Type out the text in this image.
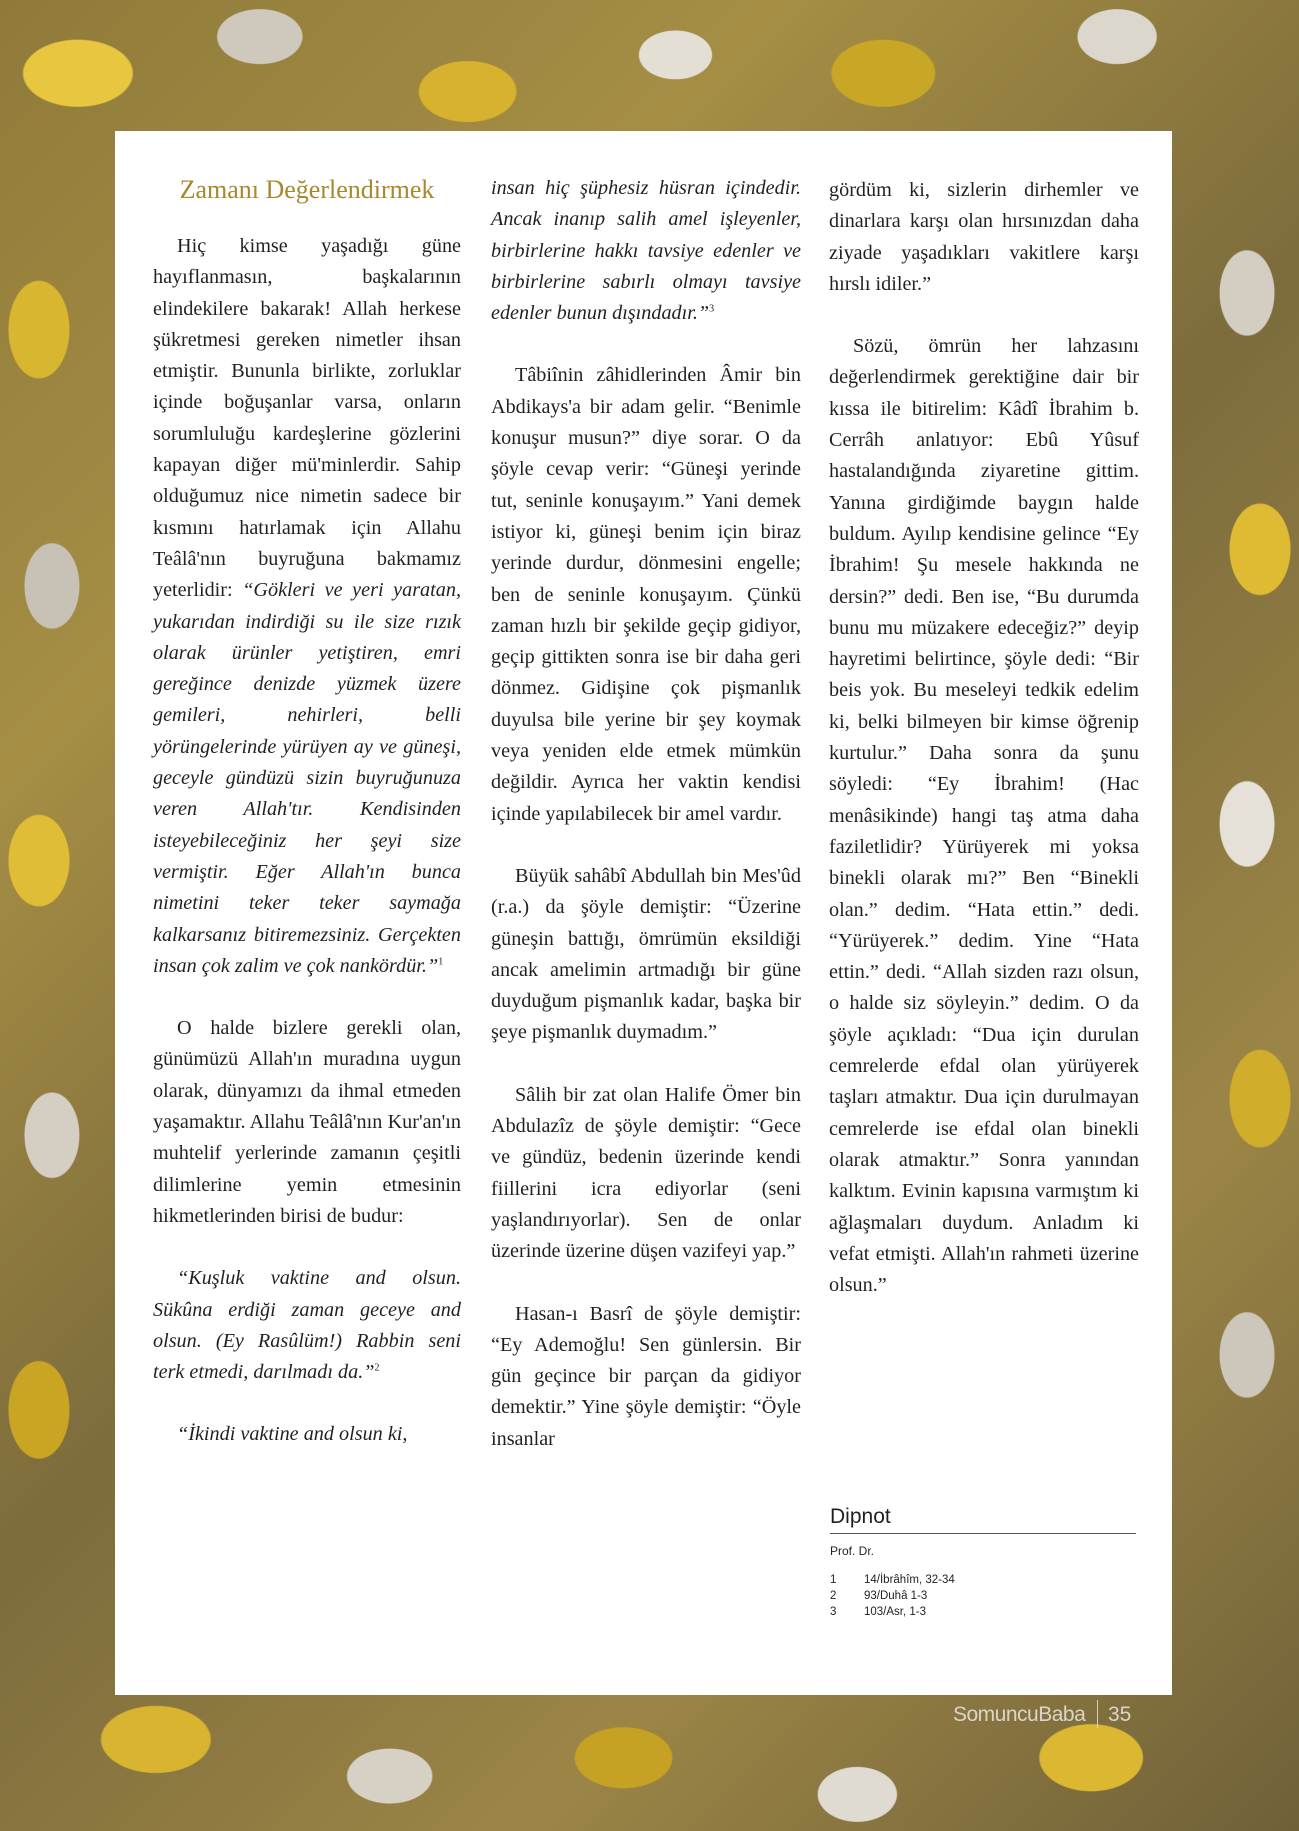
Zamanı Değerlendirmek

Hiç kimse yaşadığı güne hayıflanmasın, başkalarının elindekilere bakarak! Allah herkese şükretmesi gereken nimetler ihsan etmiştir. Bununla birlikte, zorluklar içinde boğuşanlar varsa, onların sorumluluğu kardeşlerine gözlerini kapayan diğer mü'minlerdir. Sahip olduğumuz nice nimetin sadece bir kısmını hatırlamak için Allahu Teâlâ'nın buyruğuna bakmamız yeterlidir: “Gökleri ve yeri yaratan, yukarıdan indirdiği su ile size rızık olarak ürünler yetiştiren, emri gereğince denizde yüzmek üzere gemileri, nehirleri, belli yörüngelerinde yürüyen ay ve güneşi, geceyle gündüzü sizin buyruğunuza veren Allah'tır. Kendisinden isteyebileceğiniz her şeyi size vermiştir. Eğer Allah'ın bunca nimetini teker teker saymağa kalkarsanız bitiremezsiniz. Gerçekten insan çok zalim ve çok nankördür.”$^1$

O halde bizlere gerekli olan, günümüzü Allah'ın muradına uygun olarak, dünyamızı da ihmal etmeden yaşamaktır. Allahu Teâlâ'nın Kur'an'ın muhtelif yerlerinde zamanın çeşitli dilimlerine yemin etmesinin hikmetlerinden birisi de budur:

“Kuşluk vaktine and olsun. Sükûna erdiği zaman geceye and olsun. (Ey Rasûlüm!) Rabbin seni terk etmedi, darılmadı da.”$^2$

“İkindi vaktine and olsun ki,

insan hiç şüphesiz hüsran içindedir. Ancak inanıp salih amel işleyenler, birbirlerine hakkı tavsiye edenler ve birbirlerine sabırlı olmayı tavsiye edenler bunun dışındadır.”$^3$

Tâbiînin zâhidlerinden Âmir bin Abdikays'a bir adam gelir. “Benimle konuşur musun?” diye sorar. O da şöyle cevap verir: “Güneşi yerinde tut, seninle konuşayım.” Yani demek istiyor ki, güneşi benim için biraz yerinde durdur, dönmesini engelle; ben de seninle konuşayım. Çünkü zaman hızlı bir şekilde geçip gidiyor, geçip gittikten sonra ise bir daha geri dönmez. Gidişine çok pişmanlık duyulsa bile yerine bir şey koymak veya yeniden elde etmek mümkün değildir. Ayrıca her vaktin kendisi içinde yapılabilecek bir amel vardır.

Büyük sahâbî Abdullah bin Mes'ûd (r.a.) da şöyle demiştir: “Üzerine güneşin battığı, ömrümün eksildiği ancak amelimin artmadığı bir güne duyduğum pişmanlık kadar, başka bir şeye pişmanlık duymadım.”

Sâlih bir zat olan Halife Ömer bin Abdulazîz de şöyle demiştir: “Gece ve gündüz, bedenin üzerinde kendi fiillerini icra ediyorlar (seni yaşlandırıyorlar). Sen de onlar üzerinde üzerine düşen vazifeyi yap.”

Hasan-ı Basrî de şöyle demiştir: “Ey Ademoğlu! Sen günlersin. Bir gün geçince bir parçan da gidiyor demektir.” Yine şöyle demiştir: “Öyle insanlar

gördüm ki, sizlerin dirhemler ve dinarlara karşı olan hırsınızdan daha ziyade yaşadıkları vakitlere karşı hırslı idiler.”

Sözü, ömrün her lahzasını değerlendirmek gerektiğine dair bir kıssa ile bitirelim: Kâdî İbrahim b. Cerrâh anlatıyor: Ebû Yûsuf hastalandığında ziyaretine gittim. Yanına girdiğimde baygın halde buldum. Ayılıp kendisine gelince “Ey İbrahim! Şu mesele hakkında ne dersin?” dedi. Ben ise, “Bu durumda bunu mu müzakere edeceğiz?” deyip hayretimi belirtince, şöyle dedi: “Bir beis yok. Bu meseleyi tedkik edelim ki, belki bilmeyen bir kimse öğrenip kurtulur.” Daha sonra da şunu söyledi: “Ey İbrahim! (Hac menâsikinde) hangi taş atma daha faziletlidir? Yürüyerek mi yoksa binekli olarak mı?” Ben “Binekli olan.” dedim. “Hata ettin.” dedi. “Yürüyerek.” dedim. Yine “Hata ettin.” dedi. “Allah sizden razı olsun, o halde siz söyleyin.” dedim. O da şöyle açıkladı: “Dua için durulan cemrelerde efdal olan yürüyerek taşları atmaktır. Dua için durulmayan cemrelerde ise efdal olan binekli olarak atmaktır.” Sonra yanından kalktım. Evinin kapısına varmıştım ki ağlaşmaları duydum. Anladım ki vefat etmişti. Allah'ın rahmeti üzerine olsun.”

Dipnot
Prof. Dr.
1	14/İbrâhîm, 32-34
2	93/Duhâ 1-3
3	103/Asr, 1-3
SomuncuBaba 35
